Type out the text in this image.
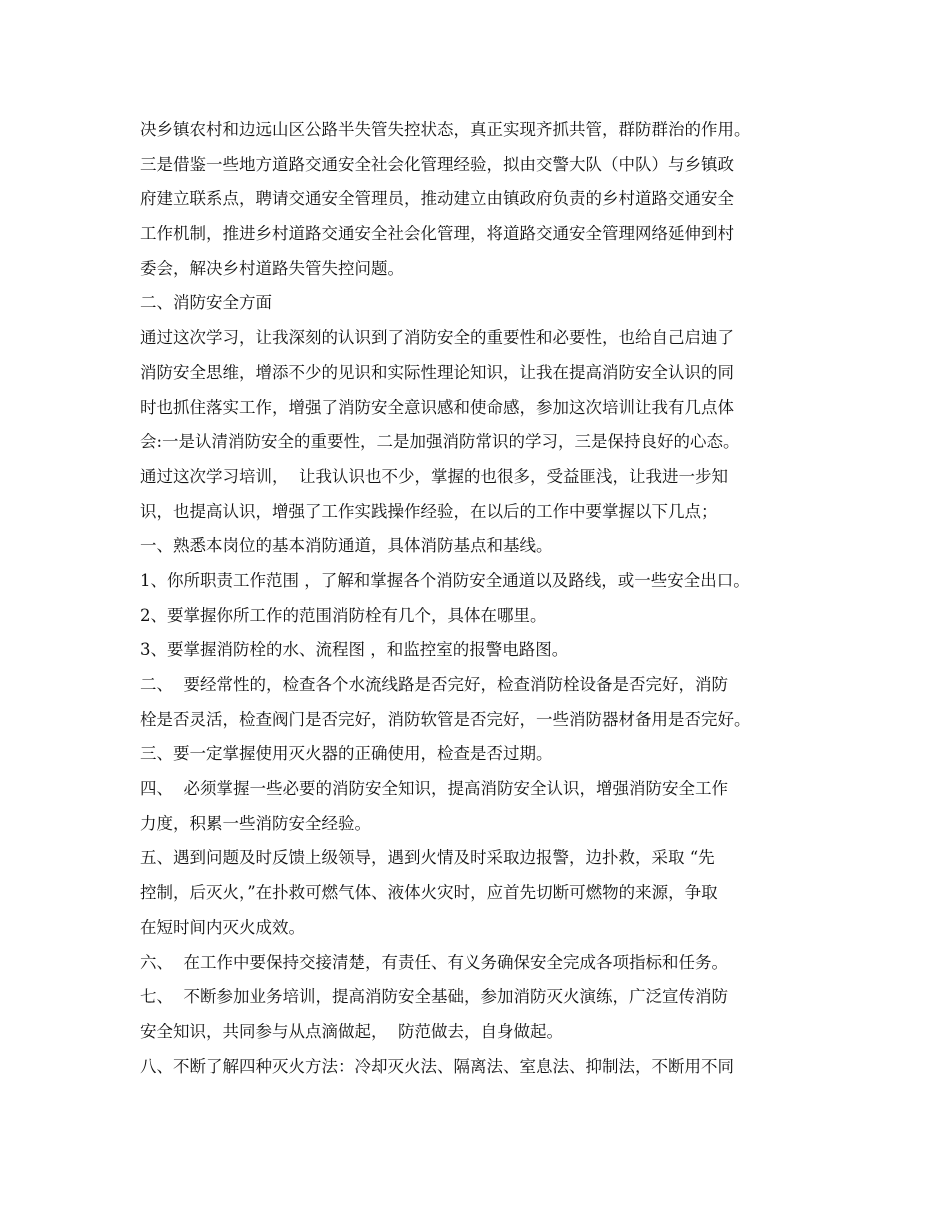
决乡镇农村和边远山区公路半失管失控状态，真正实现齐抓共管，群防群治的作用。
三是借鉴一些地方道路交通安全社会化管理经验，拟由交警大队（中队）与乡镇政
府建立联系点，聘请交通安全管理员，推动建立由镇政府负责的乡村道路交通安全
工作机制，推进乡村道路交通安全社会化管理，将道路交通安全管理网络延伸到村
委会，解决乡村道路失管失控问题。
二、消防安全方面
通过这次学习，让我深刻的认识到了消防安全的重要性和必要性，也给自己启迪了
消防安全思维，增添不少的见识和实际性理论知识，让我在提高消防安全认识的同
时也抓住落实工作，增强了消防安全意识感和使命感，参加这次培训让我有几点体
会:一是认清消防安全的重要性，二是加强消防常识的学习，三是保持良好的心态。
通过这次学习培训，  让我认识也不少，掌握的也很多，受益匪浅，让我进一步知
识，也提高认识，增强了工作实践操作经验，在以后的工作中要掌握以下几点；
一、熟悉本岗位的基本消防通道，具体消防基点和基线。
1、你所职责工作范围 ，了解和掌握各个消防安全通道以及路线，或一些安全出口。
2、要掌握你所工作的范围消防栓有几个，具体在哪里。
3、要掌握消防栓的水、流程图 ，和监控室的报警电路图。
二、  要经常性的，检查各个水流线路是否完好，检查消防栓设备是否完好，消防
栓是否灵活，检查阀门是否完好，消防软管是否完好，一些消防器材备用是否完好。
三、要一定掌握使用灭火器的正确使用，检查是否过期。
四、  必须掌握一些必要的消防安全知识，提高消防安全认识，增强消防安全工作
力度，积累一些消防安全经验。
五、遇到问题及时反馈上级领导，遇到火情及时采取边报警，边扑救，采取 “先
控制，后灭火，”在扑救可燃气体、液体火灾时，应首先切断可燃物的来源，争取
在短时间内灭火成效。
六、  在工作中要保持交接清楚，有责任、有义务确保安全完成各项指标和任务。
七、  不断参加业务培训，提高消防安全基础，参加消防灭火演练，广泛宣传消防
安全知识，共同参与从点滴做起，  防范做去，自身做起。
八、不断了解四种灭火方法：冷却灭火法、隔离法、室息法、抑制法，不断用不同
